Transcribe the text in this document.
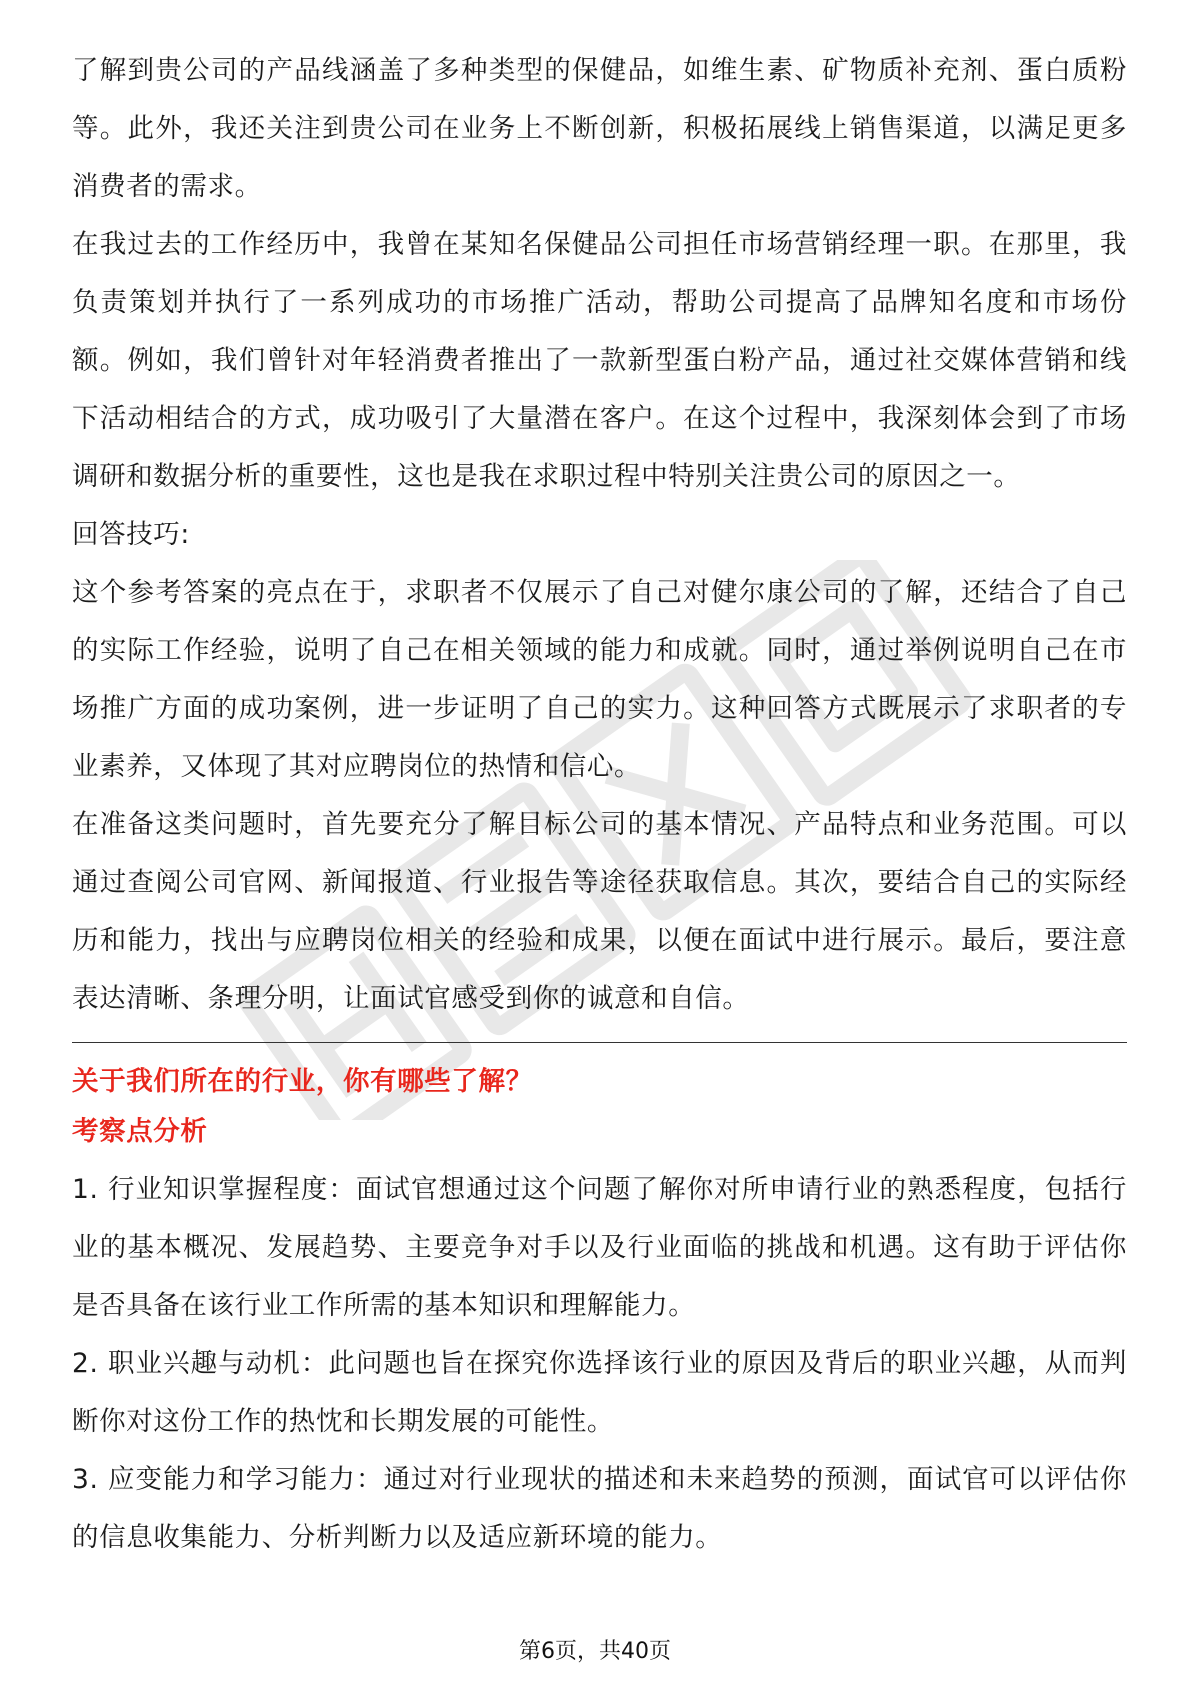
了解到贵公司的产品线涵盖了多种类型的保健品，如维生素、矿物质补充剂、蛋白质粉等。此外，我还关注到贵公司在业务上不断创新，积极拓展线上销售渠道，以满足更多消费者的需求。

在我过去的工作经历中，我曾在某知名保健品公司担任市场营销经理一职。在那里，我负责策划并执行了一系列成功的市场推广活动，帮助公司提高了品牌知名度和市场份额。例如，我们曾针对年轻消费者推出了一款新型蛋白粉产品，通过社交媒体营销和线下活动相结合的方式，成功吸引了大量潜在客户。在这个过程中，我深刻体会到了市场调研和数据分析的重要性，这也是我在求职过程中特别关注贵公司的原因之一。

回答技巧:

这个参考答案的亮点在于，求职者不仅展示了自己对健尔康公司的了解，还结合了自己的实际工作经验，说明了自己在相关领域的能力和成就。同时，通过举例说明自己在市场推广方面的成功案例，进一步证明了自己的实力。这种回答方式既展示了求职者的专业素养，又体现了其对应聘岗位的热情和信心。

在准备这类问题时，首先要充分了解目标公司的基本情况、产品特点和业务范围。可以通过查阅公司官网、新闻报道、行业报告等途径获取信息。其次，要结合自己的实际经历和能力，找出与应聘岗位相关的经验和成果，以便在面试中进行展示。最后，要注意表达清晰、条理分明，让面试官感受到你的诚意和自信。

关于我们所在的行业，你有哪些了解？

考察点分析

1. 行业知识掌握程度：面试官想通过这个问题了解你对所申请行业的熟悉程度，包括行业的基本概况、发展趋势、主要竞争对手以及行业面临的挑战和机遇。这有助于评估你是否具备在该行业工作所需的基本知识和理解能力。

2. 职业兴趣与动机：此问题也旨在探究你选择该行业的原因及背后的职业兴趣，从而判断你对这份工作的热忱和长期发展的可能性。

3. 应变能力和学习能力：通过对行业现状的描述和未来趋势的预测，面试官可以评估你的信息收集能力、分析判断力以及适应新环境的能力。

第6页，共40页
